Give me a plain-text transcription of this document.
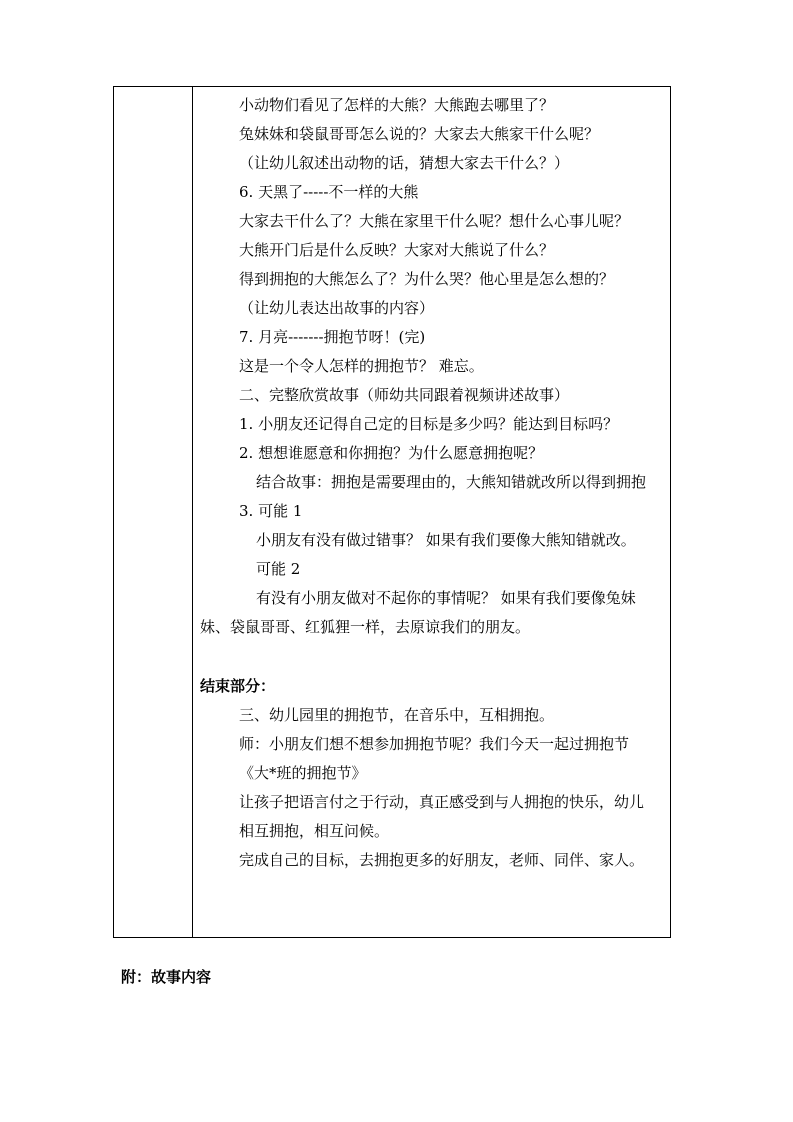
小动物们看见了怎样的大熊？大熊跑去哪里了？
兔妹妹和袋鼠哥哥怎么说的？大家去大熊家干什么呢？
（让幼儿叙述出动物的话，猜想大家去干什么？）
6. 天黑了-----不一样的大熊
大家去干什么了？大熊在家里干什么呢？想什么心事儿呢？
大熊开门后是什么反映？大家对大熊说了什么？
得到拥抱的大熊怎么了？为什么哭？他心里是怎么想的？
（让幼儿表达出故事的内容）
7. 月亮-------拥抱节呀！(完)
这是一个令人怎样的拥抱节？ 难忘。
二、完整欣赏故事（师幼共同跟着视频讲述故事）
1. 小朋友还记得自己定的目标是多少吗？能达到目标吗？
2. 想想谁愿意和你拥抱？为什么愿意拥抱呢？
结合故事：拥抱是需要理由的，大熊知错就改所以得到拥抱
3. 可能 1
小朋友有没有做过错事？ 如果有我们要像大熊知错就改。
可能 2
有没有小朋友做对不起你的事情呢？ 如果有我们要像兔妹
妹、袋鼠哥哥、红狐狸一样，去原谅我们的朋友。
结束部分：
三、幼儿园里的拥抱节，在音乐中，互相拥抱。
师：小朋友们想不想参加拥抱节呢？我们今天一起过拥抱节
《大*班的拥抱节》
让孩子把语言付之于行动，真正感受到与人拥抱的快乐，幼儿
相互拥抱，相互问候。
完成自己的目标，去拥抱更多的好朋友，老师、同伴、家人。
附：故事内容
